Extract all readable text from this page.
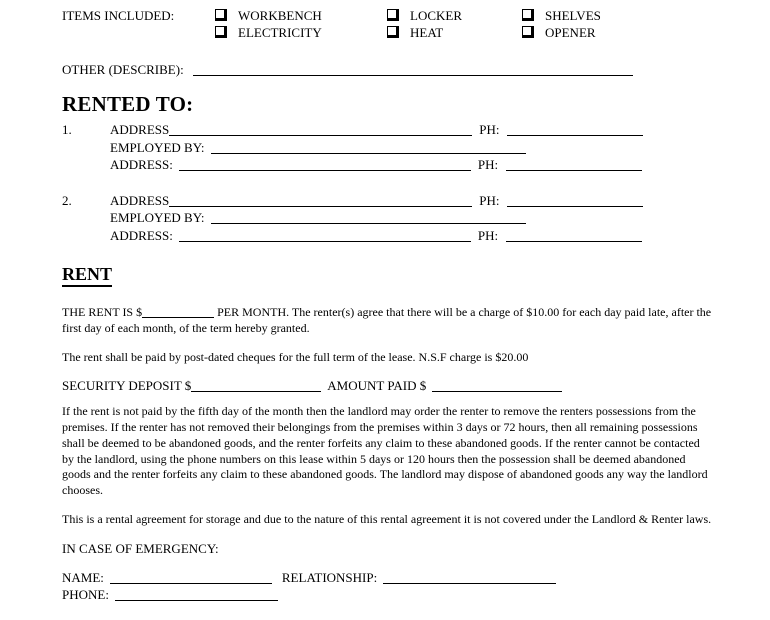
ITEMS INCLUDED:	WORKBENCH	LOCKER	SHELVES
ELECTRICITY	HEAT	OPENER
OTHER (DESCRIBE):
RENTED TO:
1.	ADDRESS	PH:
EMPLOYED BY:
ADDRESS:	PH:
2.	ADDRESS	PH:
EMPLOYED BY:
ADDRESS:	PH:
RENT

THE RENT IS $	PER MONTH. The renter(s) agree that there will be a charge of $10.00 for each day paid late, after the first day of each month, of the term hereby granted.

The rent shall be paid by post-dated cheques for the full term of the lease. N.S.F charge is $20.00

SECURITY DEPOSIT $	AMOUNT PAID $

If the rent is not paid by the fifth day of the month then the landlord may order the renter to remove the renters possessions from the premises. If the renter has not removed their belongings from the premises within 3 days or 72 hours, then all remaining possessions shall be deemed to be abandoned goods, and the renter forfeits any claim to these abandoned goods. If the renter cannot be contacted by the landlord, using the phone numbers on this lease within 5 days or 120 hours then the possession shall be deemed abandoned goods and the renter forfeits any claim to these abandoned goods. The landlord may dispose of abandoned goods any way the landlord chooses.

This is a rental agreement for storage and due to the nature of this rental agreement it is not covered under the Landlord & Renter laws.

IN CASE OF EMERGENCY:
NAME:	RELATIONSHIP:
PHONE:
